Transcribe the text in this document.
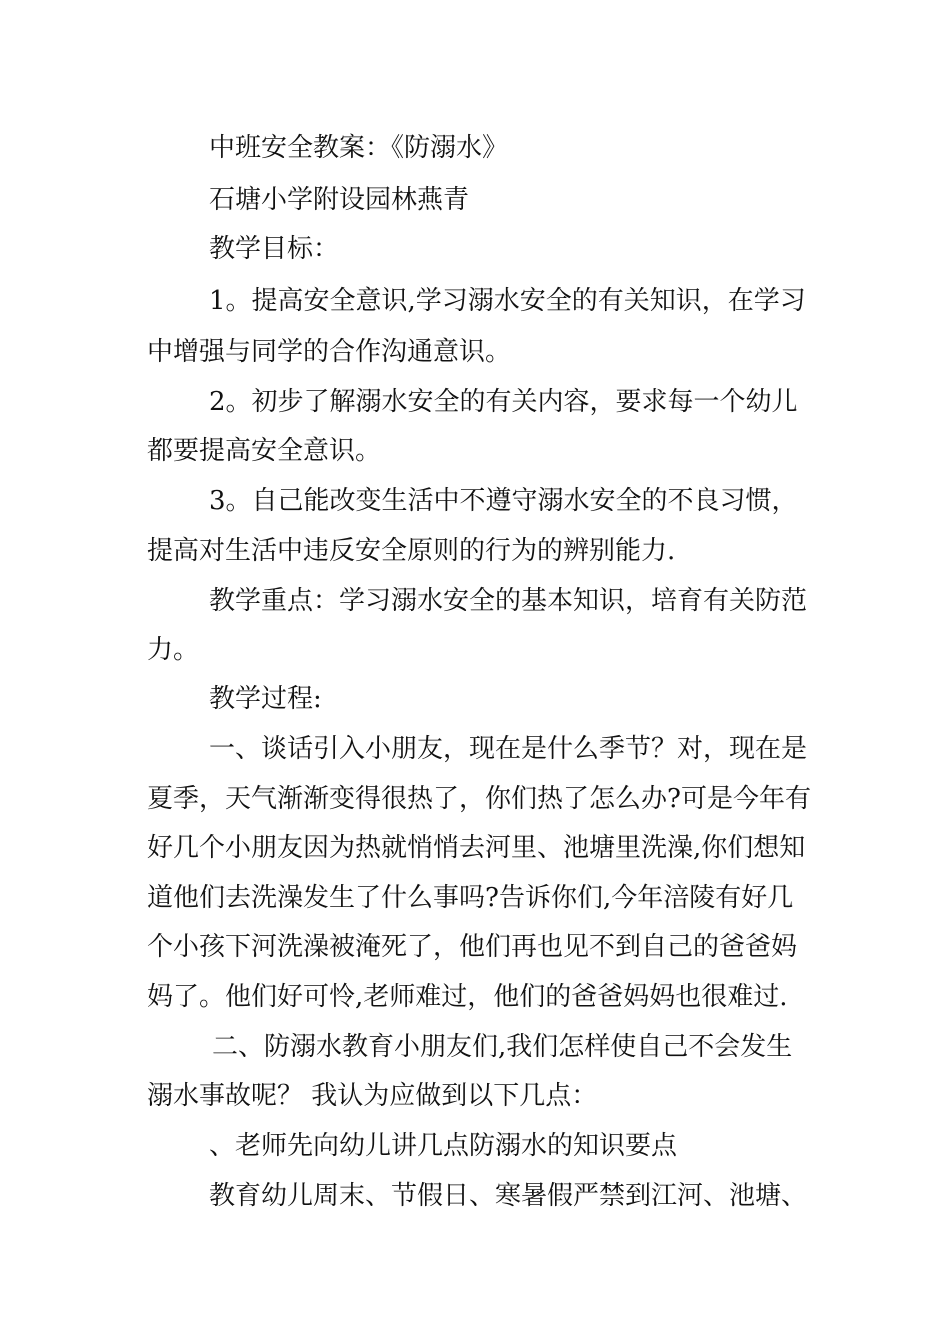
中班安全教案：《防溺水》

石塘小学附设园林燕青

教学目标：

1。提高安全意识,学习溺水安全的有关知识，在学习

中增强与同学的合作沟通意识。

2。初步了解溺水安全的有关内容，要求每一个幼儿

都要提高安全意识。

3。自己能改变生活中不遵守溺水安全的不良习惯，

提高对生活中违反安全原则的行为的辨别能力.

教学重点：学习溺水安全的基本知识，培育有关防范

力。

教学过程:

一、谈话引入小朋友，现在是什么季节？对，现在是

夏季，天气渐渐变得很热了，你们热了怎么办?可是今年有

好几个小朋友因为热就悄悄去河里、池塘里洗澡,你们想知

道他们去洗澡发生了什么事吗?告诉你们,今年涪陵有好几

个小孩下河洗澡被淹死了，他们再也见不到自己的爸爸妈

妈了。他们好可怜,老师难过，他们的爸爸妈妈也很难过.

二、防溺水教育小朋友们,我们怎样使自己不会发生

溺水事故呢？ 我认为应做到以下几点：

、老师先向幼儿讲几点防溺水的知识要点

教育幼儿周末、节假日、寒暑假严禁到江河、池塘、
